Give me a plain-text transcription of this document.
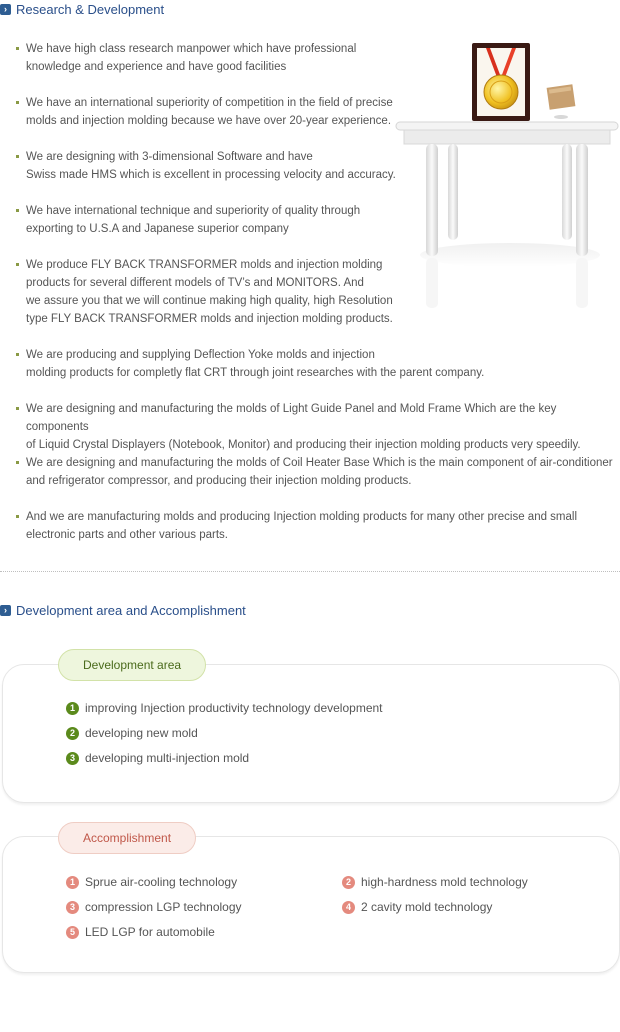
› Research & Development
We have high class research manpower which have professional
knowledge and experience and have good facilities
We have an international superiority of competition in the field of precise
molds and injection molding because we have over 20-year experience.
We are designing with 3-dimensional Software and have
Swiss made HMS which is excellent in processing velocity and accuracy.
We have international technique and superiority of quality through
exporting to U.S.A and Japanese superior company
We produce FLY BACK TRANSFORMER molds and injection molding
products for several different models of TV’s and MONITORS. And
we assure you that we will continue making high quality, high Resolution
type FLY BACK TRANSFORMER molds and injection molding products.
We are producing and supplying Deflection Yoke molds and injection
molding products for completly flat CRT through joint researches with the parent company.
We are designing and manufacturing the molds of Light Guide Panel and Mold Frame Which are the key components
of Liquid Crystal Displayers (Notebook, Monitor) and producing their injection molding products very speedily.
We are designing and manufacturing the molds of Coil Heater Base Which is the main component of air-conditioner
and refrigerator compressor, and producing their injection molding products.
And we are manufacturing molds and producing Injection molding products for many other precise and small
electronic parts and other various parts.
› Development area and Accomplishment
Development area
1 improving Injection productivity technology development
2 developing new mold
3 developing multi-injection mold
Accomplishment
1 Sprue air-cooling technology	2 high-hardness mold technology
3 compression LGP technology	4 2 cavity mold technology
5 LED LGP for automobile
